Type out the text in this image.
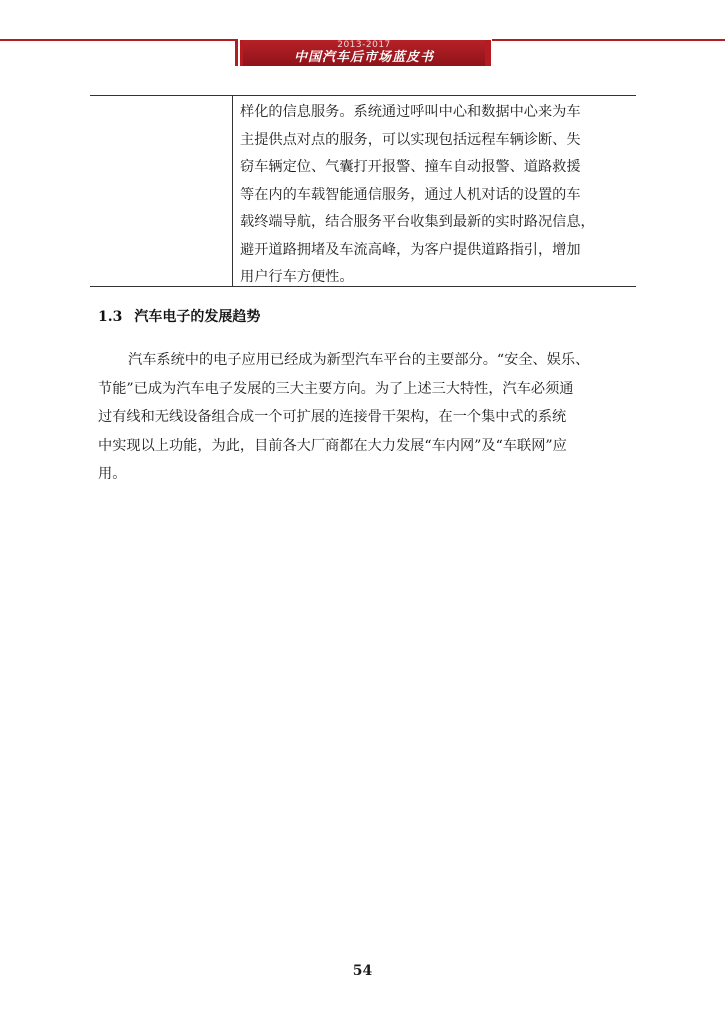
2013-2017
中国汽车后市场蓝皮书
样化的信息服务。系统通过呼叫中心和数据中心来为车
主提供点对点的服务，可以实现包括远程车辆诊断、失
窃车辆定位、气囊打开报警、撞车自动报警、道路救援
等在内的车载智能通信服务，通过人机对话的设置的车
载终端导航，结合服务平台收集到最新的实时路况信息，
避开道路拥堵及车流高峰，为客户提供道路指引，增加
用户行车方便性。
1.3 汽车电子的发展趋势
汽车系统中的电子应用已经成为新型汽车平台的主要部分。“安全、娱乐、
节能”已成为汽车电子发展的三大主要方向。为了上述三大特性，汽车必须通
过有线和无线设备组合成一个可扩展的连接骨干架构，在一个集中式的系统
中实现以上功能，为此，目前各大厂商都在大力发展“车内网”及“车联网”应
用。
54
